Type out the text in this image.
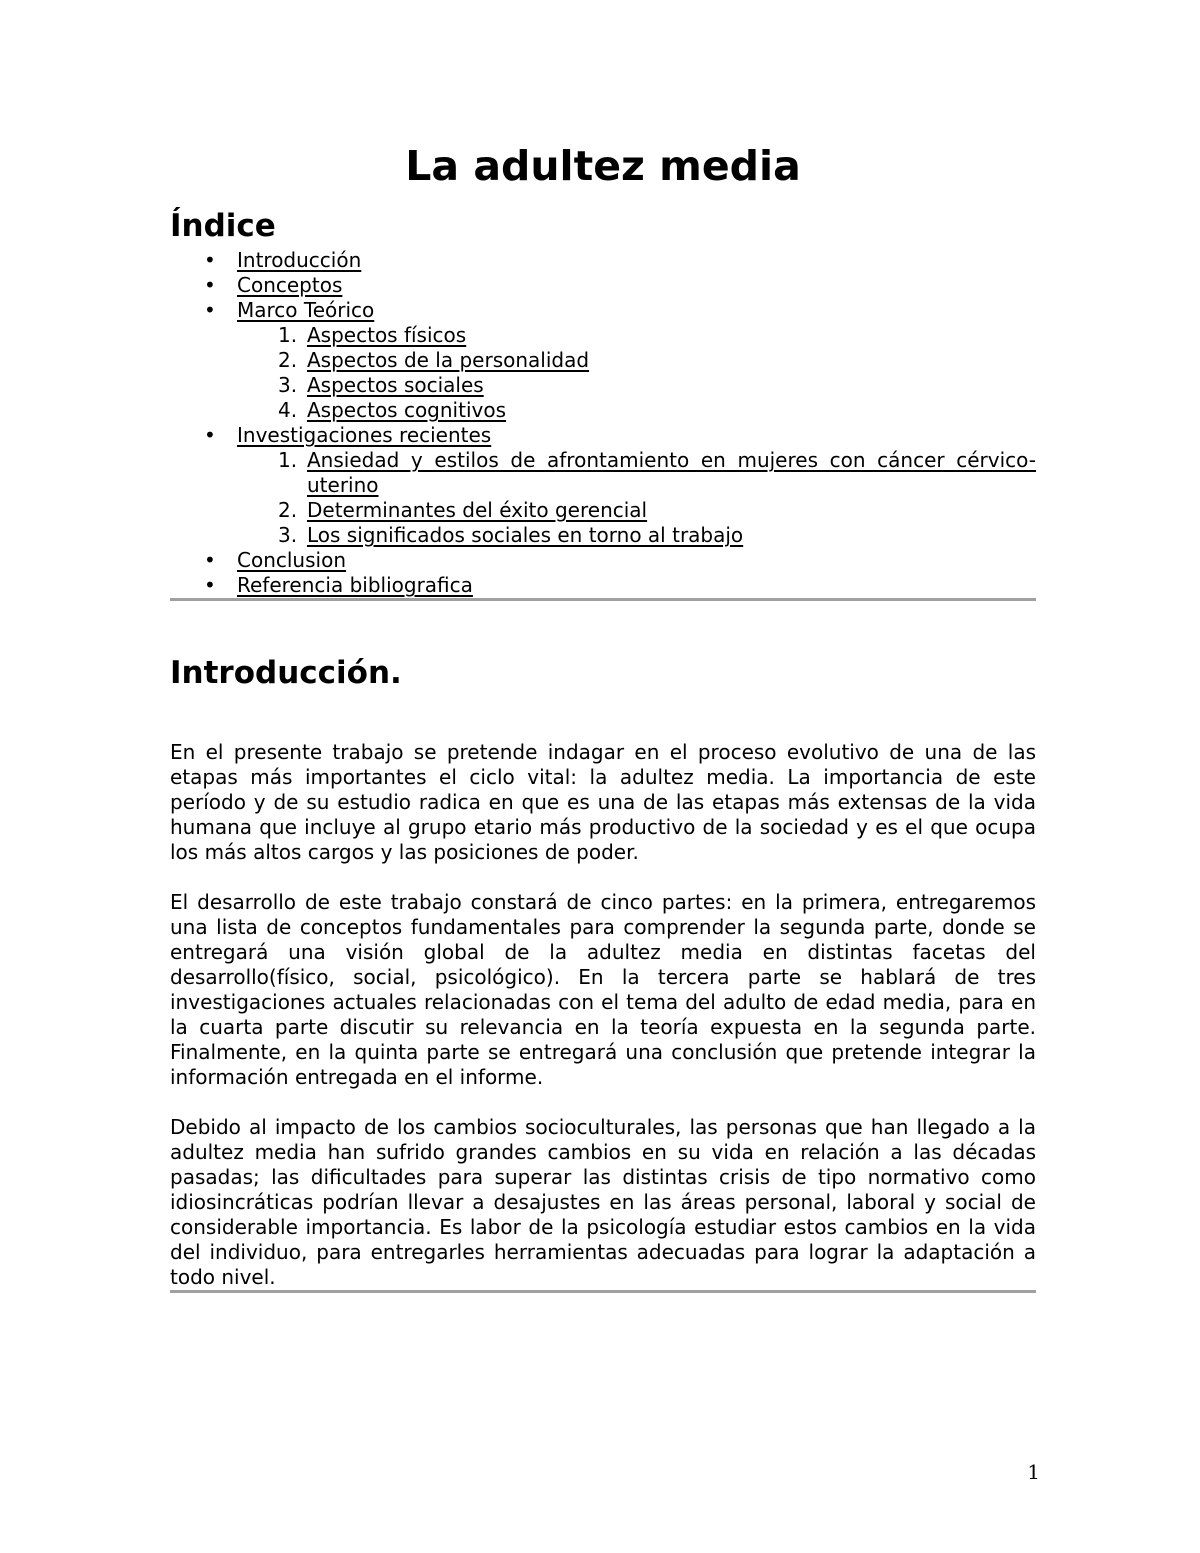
La adultez media
Índice
• Introducción
• Conceptos
• Marco Teórico
1. Aspectos físicos
2. Aspectos de la personalidad
3. Aspectos sociales
4. Aspectos cognitivos
• Investigaciones recientes
1. Ansiedad y estilos de afrontamiento en mujeres con cáncer cérvico-uterino
2. Determinantes del éxito gerencial
3. Los significados sociales en torno al trabajo
• Conclusion
• Referencia bibliografica
Introducción.

En el presente trabajo se pretende indagar en el proceso evolutivo de una de las etapas más importantes el ciclo vital: la adultez media. La importancia de este período y de su estudio radica en que es una de las etapas más extensas de la vida humana que incluye al grupo etario más productivo de la sociedad y es el que ocupa los más altos cargos y las posiciones de poder.

El desarrollo de este trabajo constará de cinco partes: en la primera, entregaremos una lista de conceptos fundamentales para comprender la segunda parte, donde se entregará una visión global de la adultez media en distintas facetas del desarrollo(físico, social, psicológico). En la tercera parte se hablará de tres investigaciones actuales relacionadas con el tema del adulto de edad media, para en la cuarta parte discutir su relevancia en la teoría expuesta en la segunda parte. Finalmente, en la quinta parte se entregará una conclusión que pretende integrar la información entregada en el informe.

Debido al impacto de los cambios socioculturales, las personas que han llegado a la adultez media han sufrido grandes cambios en su vida en relación a las décadas pasadas; las dificultades para superar las distintas crisis de tipo normativo como idiosincráticas podrían llevar a desajustes en las áreas personal, laboral y social de considerable importancia. Es labor de la psicología estudiar estos cambios en la vida del individuo, para entregarles herramientas adecuadas para lograr la adaptación a todo nivel.

1
